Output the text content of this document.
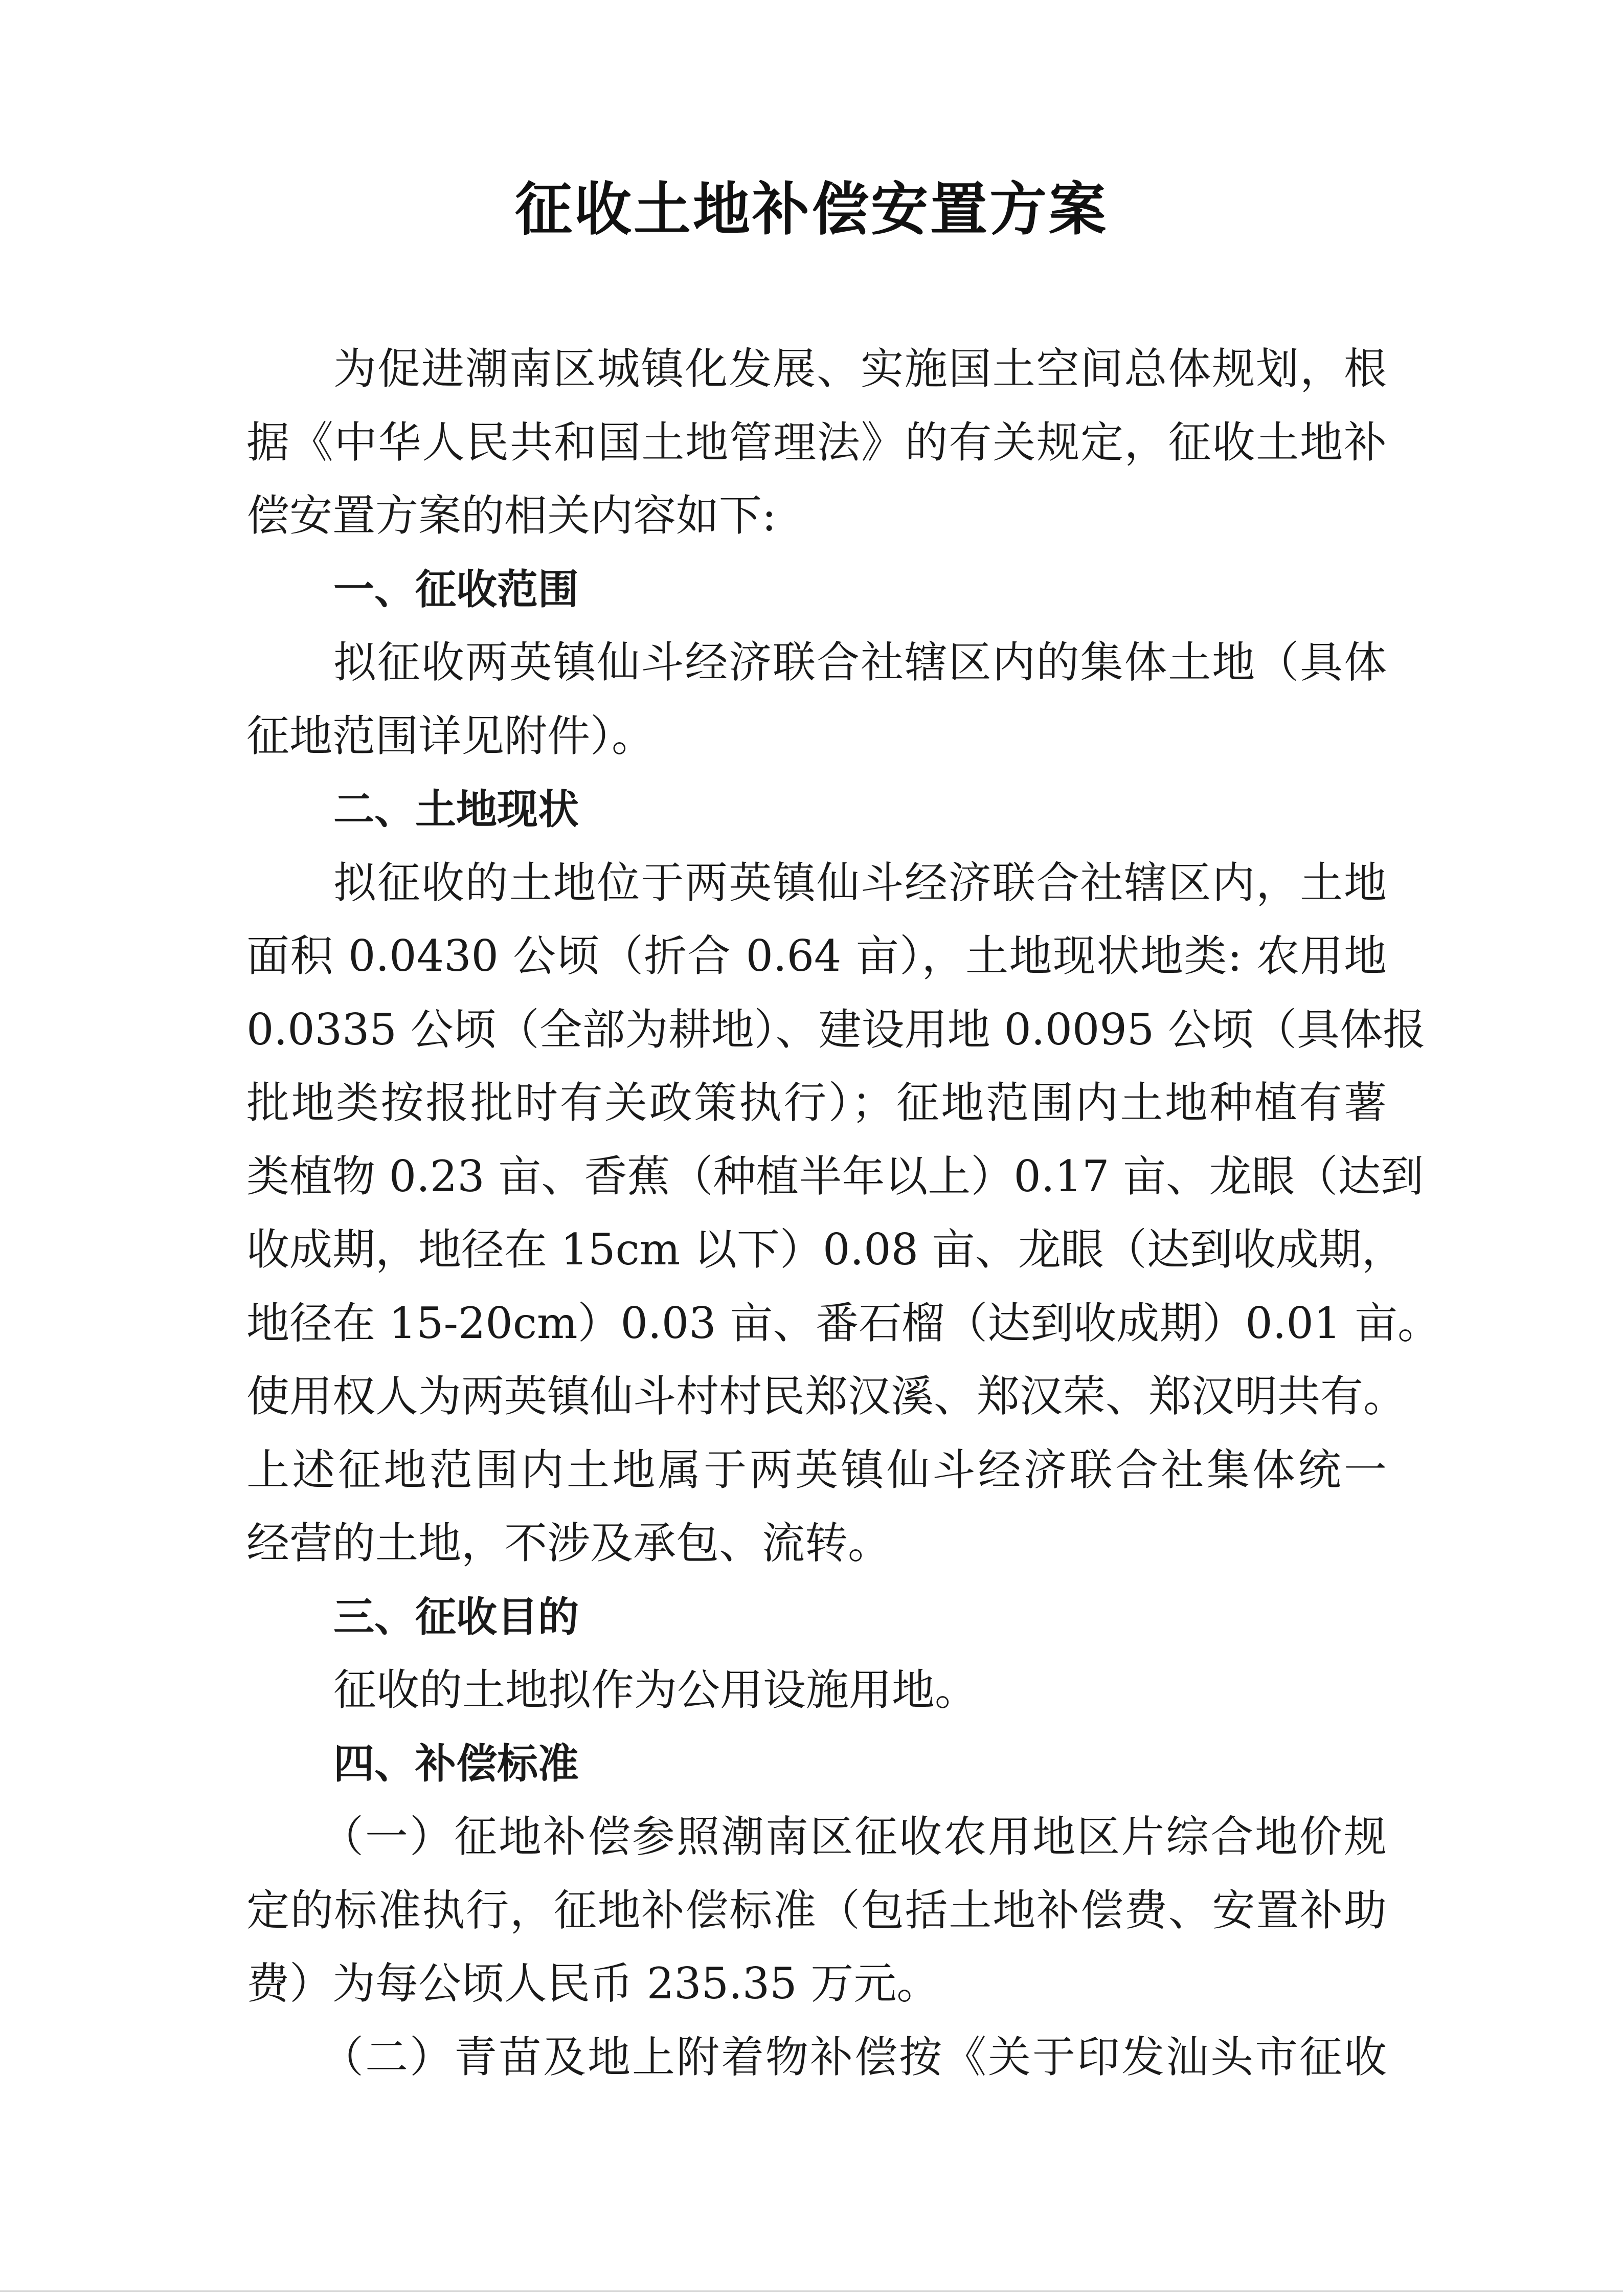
征收土地补偿安置方案
为促进潮南区城镇化发展、实施国土空间总体规划，根
据《中华人民共和国土地管理法》的有关规定，征收土地补
偿安置方案的相关内容如下:
一、征收范围
拟征收两英镇仙斗经济联合社辖区内的集体土地（具体
征地范围详见附件）。
二、土地现状
拟征收的土地位于两英镇仙斗经济联合社辖区内，土地
面积 0.0430 公顷（折合 0.64 亩），土地现状地类: 农用地
0.0335 公顷（全部为耕地）、建设用地 0.0095 公顷（具体报
批地类按报批时有关政策执行）；征地范围内土地种植有薯
类植物 0.23 亩、香蕉（种植半年以上）0.17 亩、龙眼（达到
收成期，地径在 15cm 以下）0.08 亩、龙眼（达到收成期，
地径在 15-20cm）0.03 亩、番石榴（达到收成期）0.01 亩。
使用权人为两英镇仙斗村村民郑汉溪、郑汉荣、郑汉明共有。
上述征地范围内土地属于两英镇仙斗经济联合社集体统一
经营的土地，不涉及承包、流转。
三、征收目的
征收的土地拟作为公用设施用地。
四、补偿标准
（一）征地补偿参照潮南区征收农用地区片综合地价规
定的标准执行，征地补偿标准（包括土地补偿费、安置补助
费）为每公顷人民币 235.35 万元。
（二）青苗及地上附着物补偿按《关于印发汕头市征收
